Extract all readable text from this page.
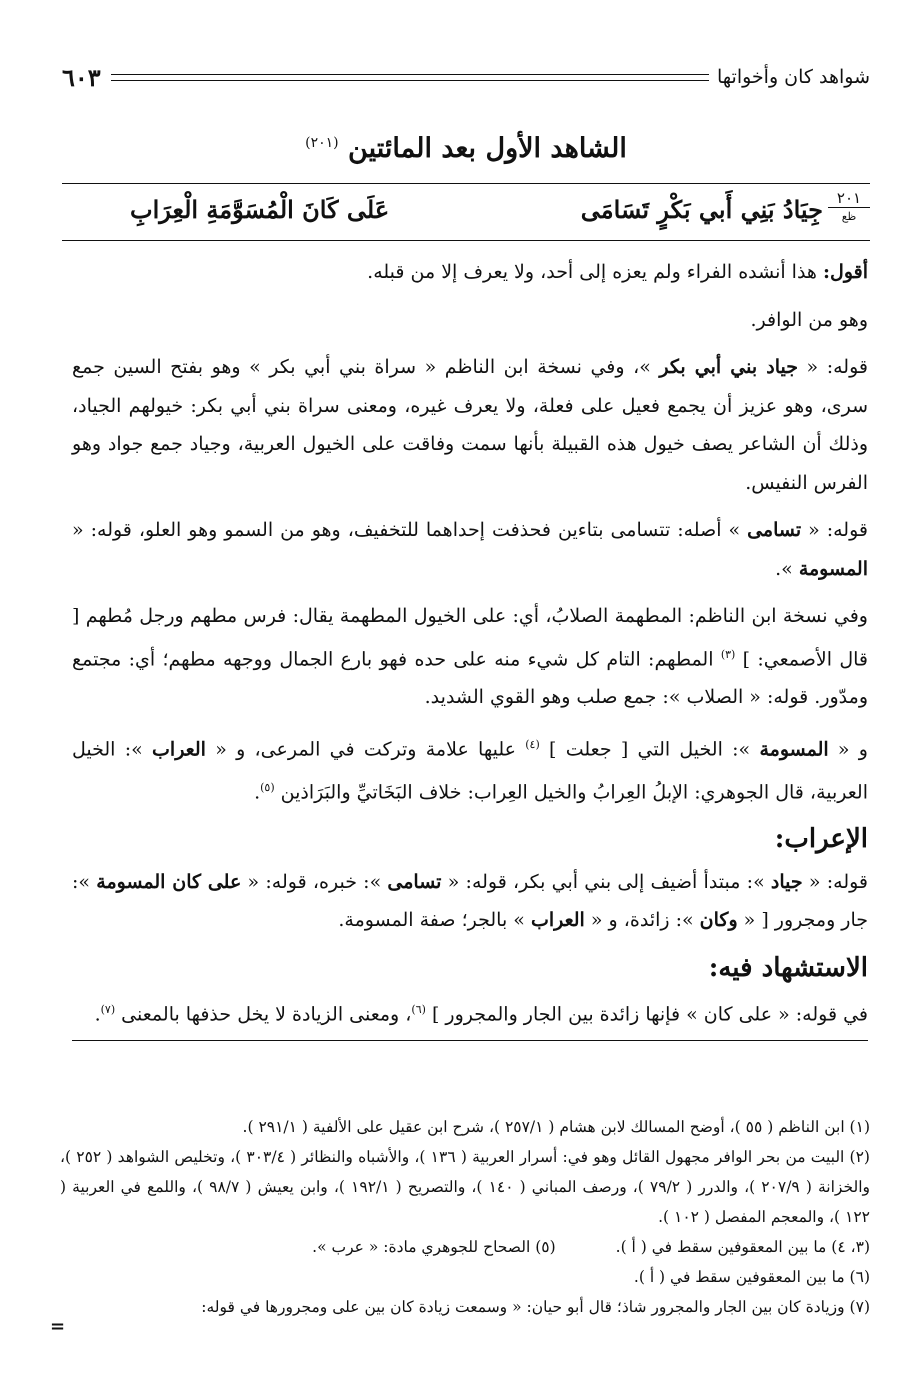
شواهد كان وأخواتها
٦٠٣
الشاهد الأول بعد المائتين $^{(٢٠١)}$
٢٠١
ظع
جِيَادُ بَنِي أَبي بَكْرٍ تَسَامَى
عَلَى كَانَ الْمُسَوَّمَةِ الْعِرَابِ

أقول: هذا أنشده الفراء ولم يعزه إلى أحد، ولا يعرف إلا من قبله.

وهو من الوافر.

قوله: « جياد بني أبي بكر »، وفي نسخة ابن الناظم « سراة بني أبي بكر » وهو بفتح السين جمع سرى، وهو عزيز أن يجمع فعيل على فعلة، ولا يعرف غيره، ومعنى سراة بني أبي بكر: خيولهم الجياد، وذلك أن الشاعر يصف خيول هذه القبيلة بأنها سمت وفاقت على الخيول العربية، وجياد جمع جواد وهو الفرس النفيس.

قوله: « تسامى » أصله: تتسامى بتاءين فحذفت إحداهما للتخفيف، وهو من السمو وهو العلو، قوله: « المسومة ».

وفي نسخة ابن الناظم: المطهمة الصلابُ، أي: على الخيول المطهمة يقال: فرس مطهم ورجل مُطهم [ قال الأصمعي: ] $^{(٣)}$ المطهم: التام كل شيء منه على حده فهو بارع الجمال ووجهه مطهم؛ أي: مجتمع ومدّور. قوله: « الصلاب »: جمع صلب وهو القوي الشديد.

و « المسومة »: الخيل التي [ جعلت ] $^{(٤)}$ عليها علامة وتركت في المرعى، و « العراب »: الخيل العربية، قال الجوهري: الإبلُ العِرابُ والخيل العِراب: خلاف البَخَاتيِّ والبَرَاذين $^{(٥)}$.

الإعراب:

قوله: « جياد »: مبتدأ أضيف إلى بني أبي بكر، قوله: « تسامى »: خبره، قوله: « على كان المسومة »: جار ومجرور [ « وكان »: زائدة، و « العراب » بالجر؛ صفة المسومة.

الاستشهاد فيه:

في قوله: « على كان » فإنها زائدة بين الجار والمجرور ] $^{(٦)}$، ومعنى الزيادة لا يخل حذفها بالمعنى $^{(٧)}$.

(١) ابن الناظم ( ٥٥ )، أوضح المسالك لابن هشام ( ٢٥٧/١ )، شرح ابن عقيل على الألفية ( ٢٩١/١ ).
(٢) البيت من بحر الوافر مجهول القائل وهو في: أسرار العربية ( ١٣٦ )، والأشباه والنظائر ( ٣٠٣/٤ )، وتخليص الشواهد ( ٢٥٢ )، والخزانة ( ٢٠٧/٩ )، والدرر ( ٧٩/٢ )، ورصف المباني ( ١٤٠ )، والتصريح ( ١٩٢/١ )، وابن يعيش ( ٩٨/٧ )، واللمع في العربية ( ١٢٢ )، والمعجم المفصل ( ١٠٢ ).
(٣، ٤) ما بين المعقوفين سقط في ( أ ).
(٥) الصحاح للجوهري مادة: « عرب ».
(٦) ما بين المعقوفين سقط في ( أ ).
(٧) وزيادة كان بين الجار والمجرور شاذ؛ قال أبو حيان: « وسمعت زيادة كان بين على ومجرورها في قوله:
=
